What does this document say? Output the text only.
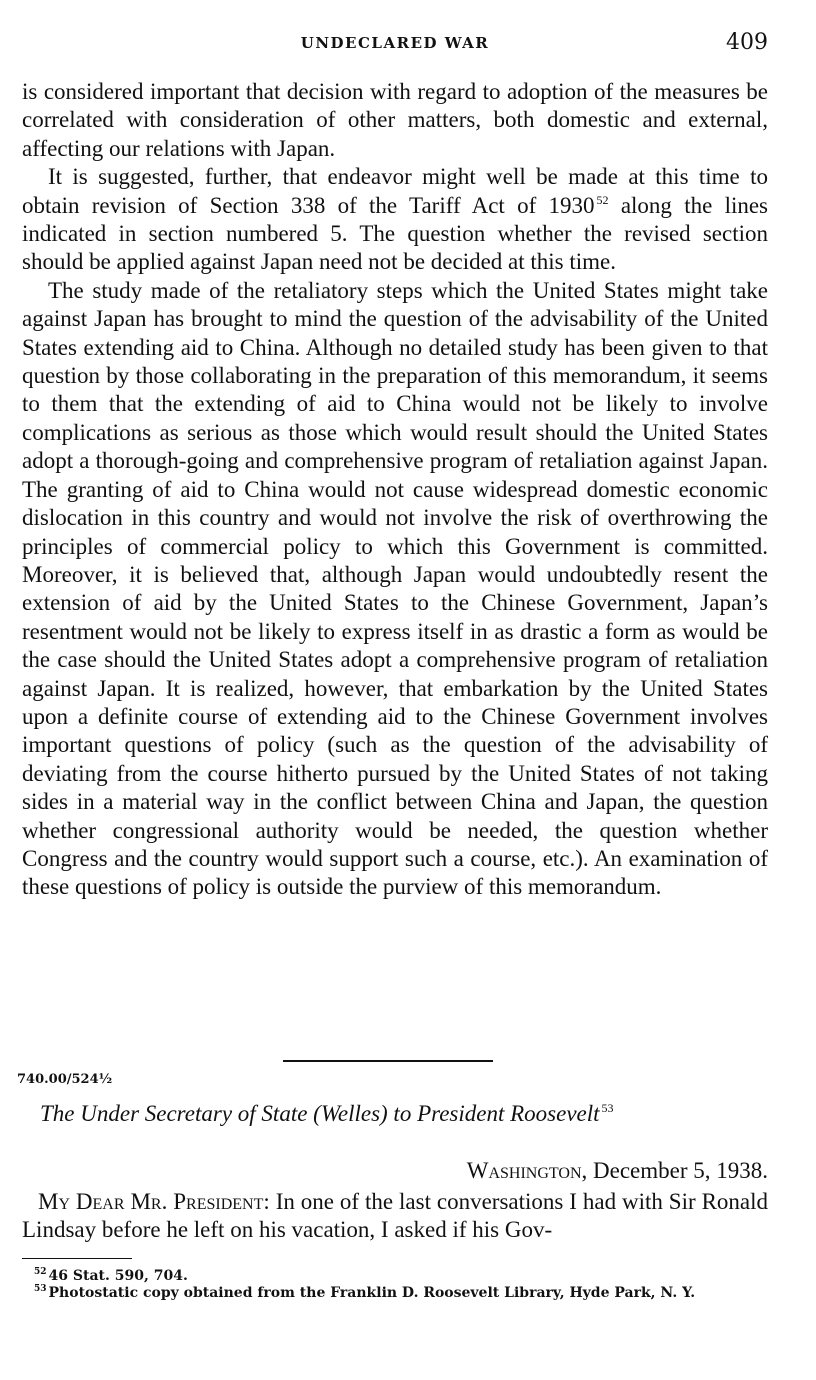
UNDECLARED WAR	409

is considered important that decision with regard to adoption of the measures be correlated with consideration of other matters, both domestic and external, affecting our relations with Japan.

It is suggested, further, that endeavor might well be made at this time to obtain revision of Section 338 of the Tariff Act of 1930 $^{52}$ along the lines indicated in section numbered 5. The question whether the revised section should be applied against Japan need not be decided at this time.

The study made of the retaliatory steps which the United States might take against Japan has brought to mind the question of the advisability of the United States extending aid to China. Although no detailed study has been given to that question by those collaborating in the preparation of this memorandum, it seems to them that the extending of aid to China would not be likely to involve complications as serious as those which would result should the United States adopt a thorough-going and comprehensive program of retaliation against Japan. The granting of aid to China would not cause widespread domestic economic dislocation in this country and would not involve the risk of overthrowing the principles of commercial policy to which this Government is committed. Moreover, it is believed that, although Japan would undoubtedly resent the extension of aid by the United States to the Chinese Government, Japan’s resentment would not be likely to express itself in as drastic a form as would be the case should the United States adopt a comprehensive program of retaliation against Japan. It is realized, however, that embarkation by the United States upon a definite course of extending aid to the Chinese Government involves important questions of policy (such as the question of the advisability of deviating from the course hitherto pursued by the United States of not taking sides in a material way in the conflict between China and Japan, the question whether congressional authority would be needed, the question whether Congress and the country would support such a course, etc.). An examination of these questions of policy is outside the purview of this memorandum.

740.00/524½
The Under Secretary of State (Welles) to President Roosevelt $^{53}$
Washington, December 5, 1938.

My Dear Mr. President: In one of the last conversations I had with Sir Ronald Lindsay before he left on his vacation, I asked if his Gov-

$^{52}$ 46 Stat. 590, 704.

$^{53}$ Photostatic copy obtained from the Franklin D. Roosevelt Library, Hyde Park, N. Y.
